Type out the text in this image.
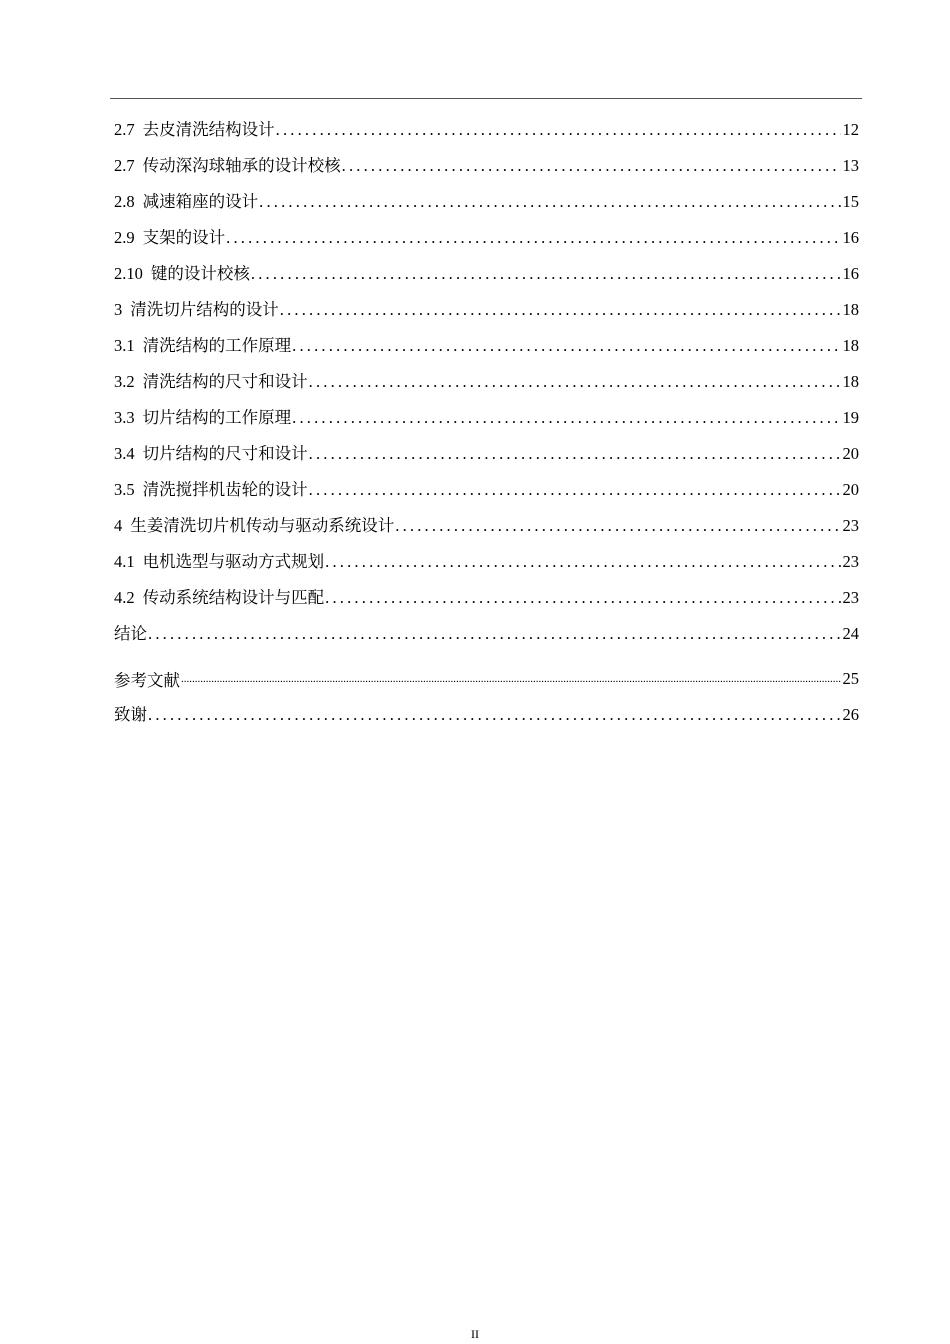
2.7 去皮清洗结构设计 .....	12
2.7 传动深沟球轴承的设计校核 .....	13
2.8 减速箱座的设计 .....	15
2.9 支架的设计 .....	16
2.10 键的设计校核 .....	16
3 清洗切片结构的设计 .....	18
3.1 清洗结构的工作原理 .....	18
3.2 清洗结构的尺寸和设计 .....	18
3.3 切片结构的工作原理 .....	19
3.4 切片结构的尺寸和设计 .....	20
3.5 清洗搅拌机齿轮的设计 .....	20
4 生姜清洗切片机传动与驱动系统设计 .....	23
4.1 电机选型与驱动方式规划 .....	23
4.2 传动系统结构设计与匹配 .....	23
结论 .....	24
参考文献 .....	25
致谢 .....	26
II
